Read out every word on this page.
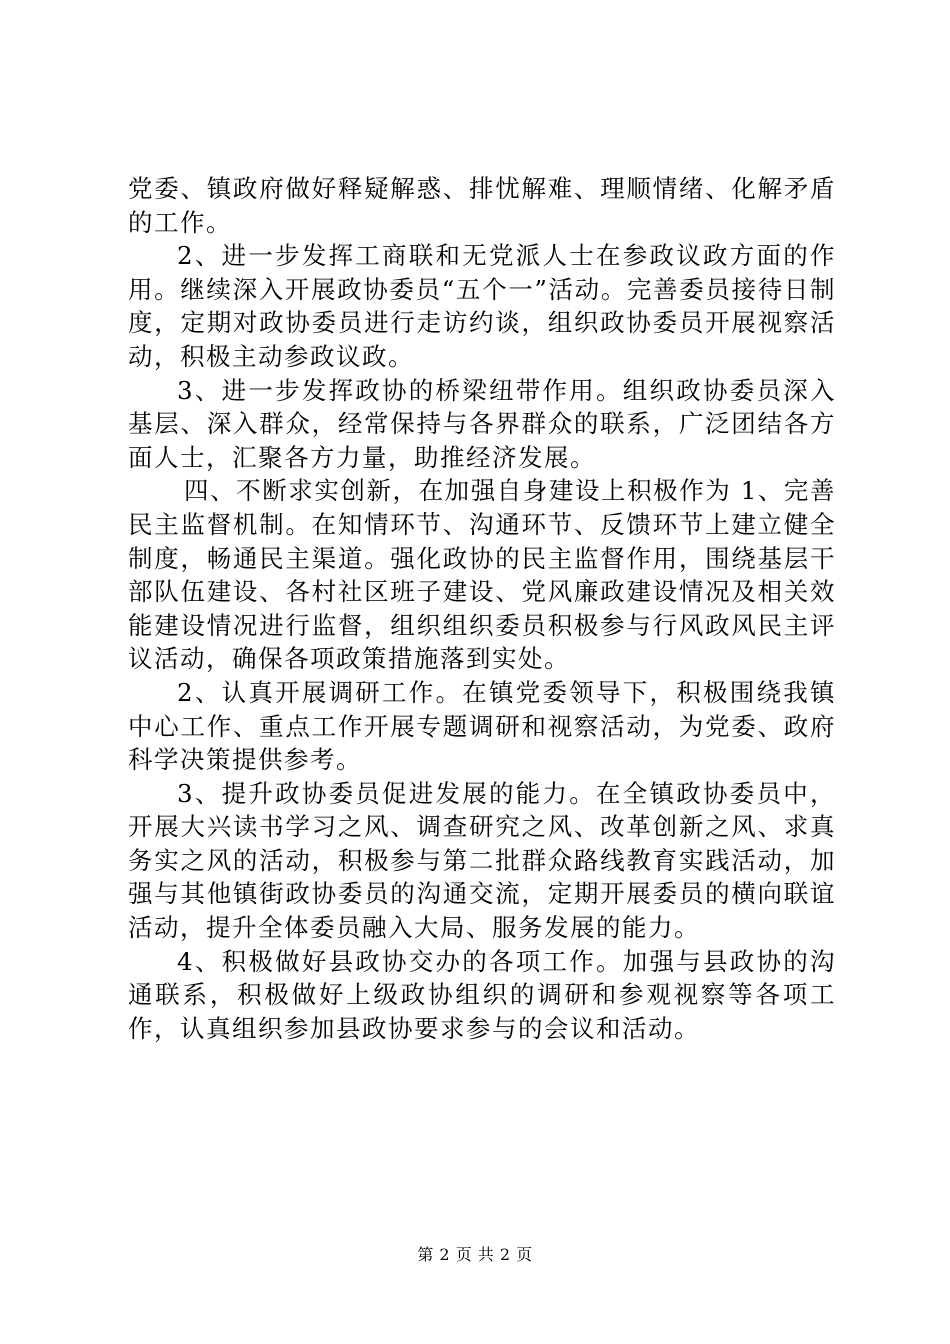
党委、镇政府做好释疑解惑、排忧解难、理顺情绪、化解矛盾的工作。

2、进一步发挥工商联和无党派人士在参政议政方面的作用。继续深入开展政协委员“五个一”活动。完善委员接待日制度，定期对政协委员进行走访约谈，组织政协委员开展视察活动，积极主动参政议政。

3、进一步发挥政协的桥梁纽带作用。组织政协委员深入基层、深入群众，经常保持与各界群众的联系，广泛团结各方面人士，汇聚各方力量，助推经济发展。

四、不断求实创新，在加强自身建设上积极作为 1、完善民主监督机制。在知情环节、沟通环节、反馈环节上建立健全制度，畅通民主渠道。强化政协的民主监督作用，围绕基层干部队伍建设、各村社区班子建设、党风廉政建设情况及相关效能建设情况进行监督，组织组织委员积极参与行风政风民主评议活动，确保各项政策措施落到实处。

2、认真开展调研工作。在镇党委领导下，积极围绕我镇中心工作、重点工作开展专题调研和视察活动，为党委、政府科学决策提供参考。

3、提升政协委员促进发展的能力。在全镇政协委员中，开展大兴读书学习之风、调查研究之风、改革创新之风、求真务实之风的活动，积极参与第二批群众路线教育实践活动，加强与其他镇街政协委员的沟通交流，定期开展委员的横向联谊活动，提升全体委员融入大局、服务发展的能力。

4、积极做好县政协交办的各项工作。加强与县政协的沟通联系，积极做好上级政协组织的调研和参观视察等各项工作，认真组织参加县政协要求参与的会议和活动。

第 2 页 共 2 页
